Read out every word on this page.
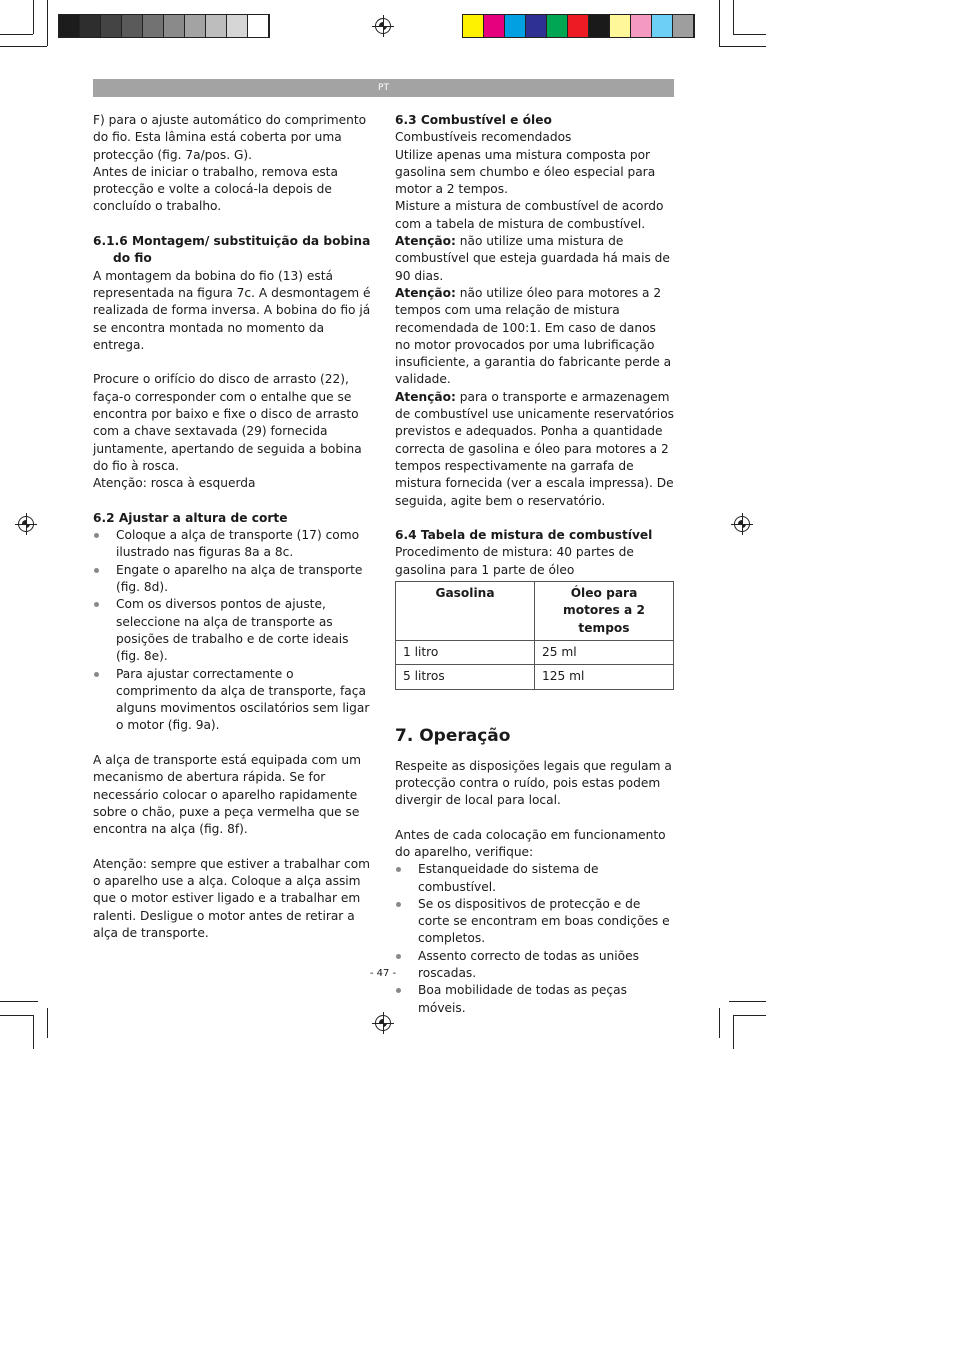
PT

F) para o ajuste automático do comprimento do fio. Esta lâmina está coberta por uma protecção (fig. 7a/pos. G).

Antes de iniciar o trabalho, remova esta protecção e volte a colocá-la depois de concluído o trabalho.

6.1.6 Montagem/ substituição da bobina do fio

A montagem da bobina do fio (13) está representada na figura 7c. A desmontagem é realizada de forma inversa. A bobina do fio já se encontra montada no momento da entrega.

Procure o orifício do disco de arrasto (22), faça-o corresponder com o entalhe que se encontra por baixo e fixe o disco de arrasto com a chave sextavada (29) fornecida juntamente, apertando de seguida a bobina do fio à rosca.

Atenção: rosca à esquerda

6.2 Ajustar a altura de corte
Coloque a alça de transporte (17) como ilustrado nas figuras 8a a 8c.
Engate o aparelho na alça de transporte (fig. 8d).
Com os diversos pontos de ajuste, seleccione na alça de transporte as posições de trabalho e de corte ideais (fig. 8e).
Para ajustar correctamente o comprimento da alça de transporte, faça alguns movimentos oscilatórios sem ligar o motor (fig. 9a).

A alça de transporte está equipada com um mecanismo de abertura rápida. Se for necessário colocar o aparelho rapidamente sobre o chão, puxe a peça vermelha que se encontra na alça (fig. 8f).

Atenção: sempre que estiver a trabalhar com o aparelho use a alça. Coloque a alça assim que o motor estiver ligado e a trabalhar em ralenti. Desligue o motor antes de retirar a alça de transporte.

6.3 Combustível e óleo

Combustíveis recomendados

Utilize apenas uma mistura composta por gasolina sem chumbo e óleo especial para motor a 2 tempos.

Misture a mistura de combustível de acordo com a tabela de mistura de combustível.

Atenção: não utilize uma mistura de combustível que esteja guardada há mais de 90 dias.

Atenção: não utilize óleo para motores a 2 tempos com uma relação de mistura recomendada de 100:1. Em caso de danos no motor provocados por uma lubrificação insuficiente, a garantia do fabricante perde a validade.

Atenção: para o transporte e armazenagem de combustível use unicamente reservatórios previstos e adequados. Ponha a quantidade correcta de gasolina e óleo para motores a 2 tempos respectivamente na garrafa de mistura fornecida (ver a escala impressa). De seguida, agite bem o reservatório.

6.4 Tabela de mistura de combustível

Procedimento de mistura: 40 partes de gasolina para 1 parte de óleo

Gasolina	Óleo para motores a 2 tempos
1 litro	25 ml
5 litros	125 ml
7. Operação

Respeite as disposições legais que regulam a protecção contra o ruído, pois estas podem divergir de local para local.

Antes de cada colocação em funcionamento do aparelho, verifique:

Estanqueidade do sistema de combustível.
Se os dispositivos de protecção e de corte se encontram em boas condições e completos.
Assento correcto de todas as uniões roscadas.
Boa mobilidade de todas as peças móveis.
- 47 -
